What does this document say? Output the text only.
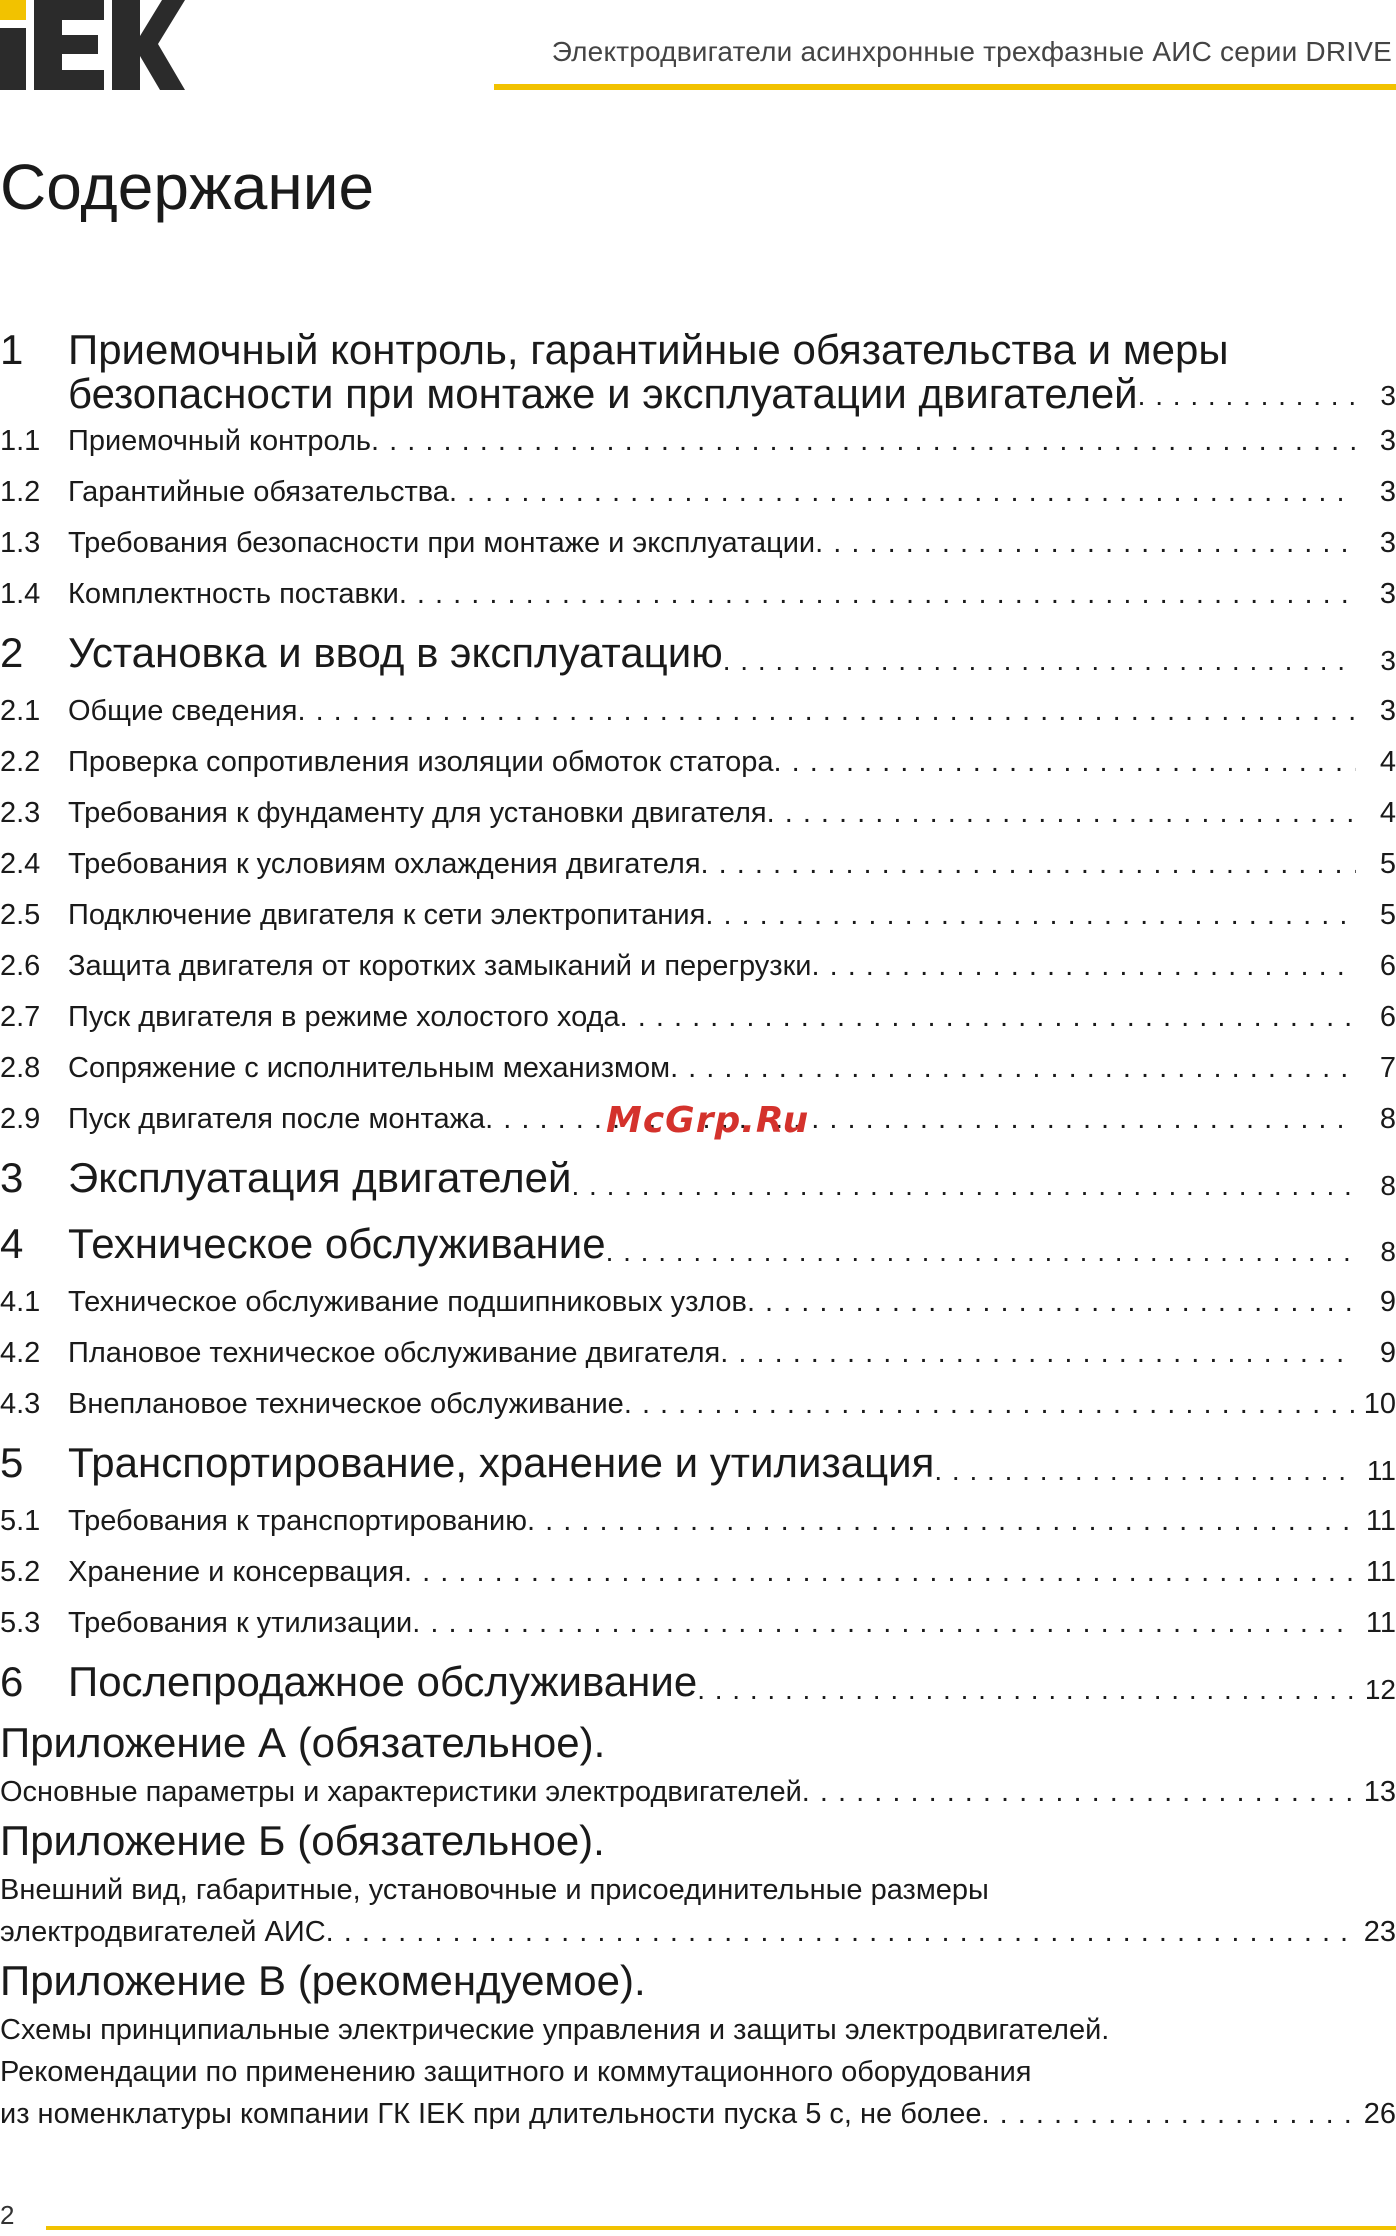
Электродвигатели асинхронные трехфазные АИС серии DRIVE
Содержание
1	Приемочный контроль, гарантийные обязательства и меры
безопасности при монтаже и эксплуатации двигателей . . .	3
1.1 Приемочный контроль . . .	3
1.2 Гарантийные обязательства . . .	3
1.3 Требования безопасности при монтаже и эксплуатации . . .	3
1.4 Комплектность поставки . . .	3
2	Установка и ввод в эксплуатацию . . .	3
2.1 Общие сведения . . .	3
2.2 Проверка сопротивления изоляции обмоток статора . . .	4
2.3 Требования к фундаменту для установки двигателя . . .	4
2.4 Требования к условиям охлаждения двигателя . . .	5
2.5 Подключение двигателя к сети электропитания . . .	5
2.6 Защита двигателя от коротких замыканий и перегрузки . . .	6
2.7 Пуск двигателя в режиме холостого хода . . .	6
2.8 Сопряжение с исполнительным механизмом . . .	7
2.9 Пуск двигателя после монтажа . . .	8
3	Эксплуатация двигателей . . .	8
4	Техническое обслуживание . . .	8
4.1 Техническое обслуживание подшипниковых узлов . . .	9
4.2 Плановое техническое обслуживание двигателя . . .	9
4.3 Внеплановое техническое обслуживание . . .	10
5	Транспортирование, хранение и утилизация . . .	11
5.1 Требования к транспортированию . . .	11
5.2 Хранение и консервация . . .	11
5.3 Требования к утилизации . . .	11
6	Послепродажное обслуживание . . .	12
Приложение А (обязательное).
Основные параметры и характеристики электродвигателей . . .	13
Приложение Б (обязательное).
Внешний вид, габаритные, установочные и присоединительные размеры
электродвигателей АИС . . .	23
Приложение В (рекомендуемое).
Схемы принципиальные электрические управления и защиты электродвигателей.
Рекомендации по применению защитного и коммутационного оборудования
из номенклатуры компании ГК IEK при длительности пуска 5 с, не более . . .	26
McGrp.Ru
2
